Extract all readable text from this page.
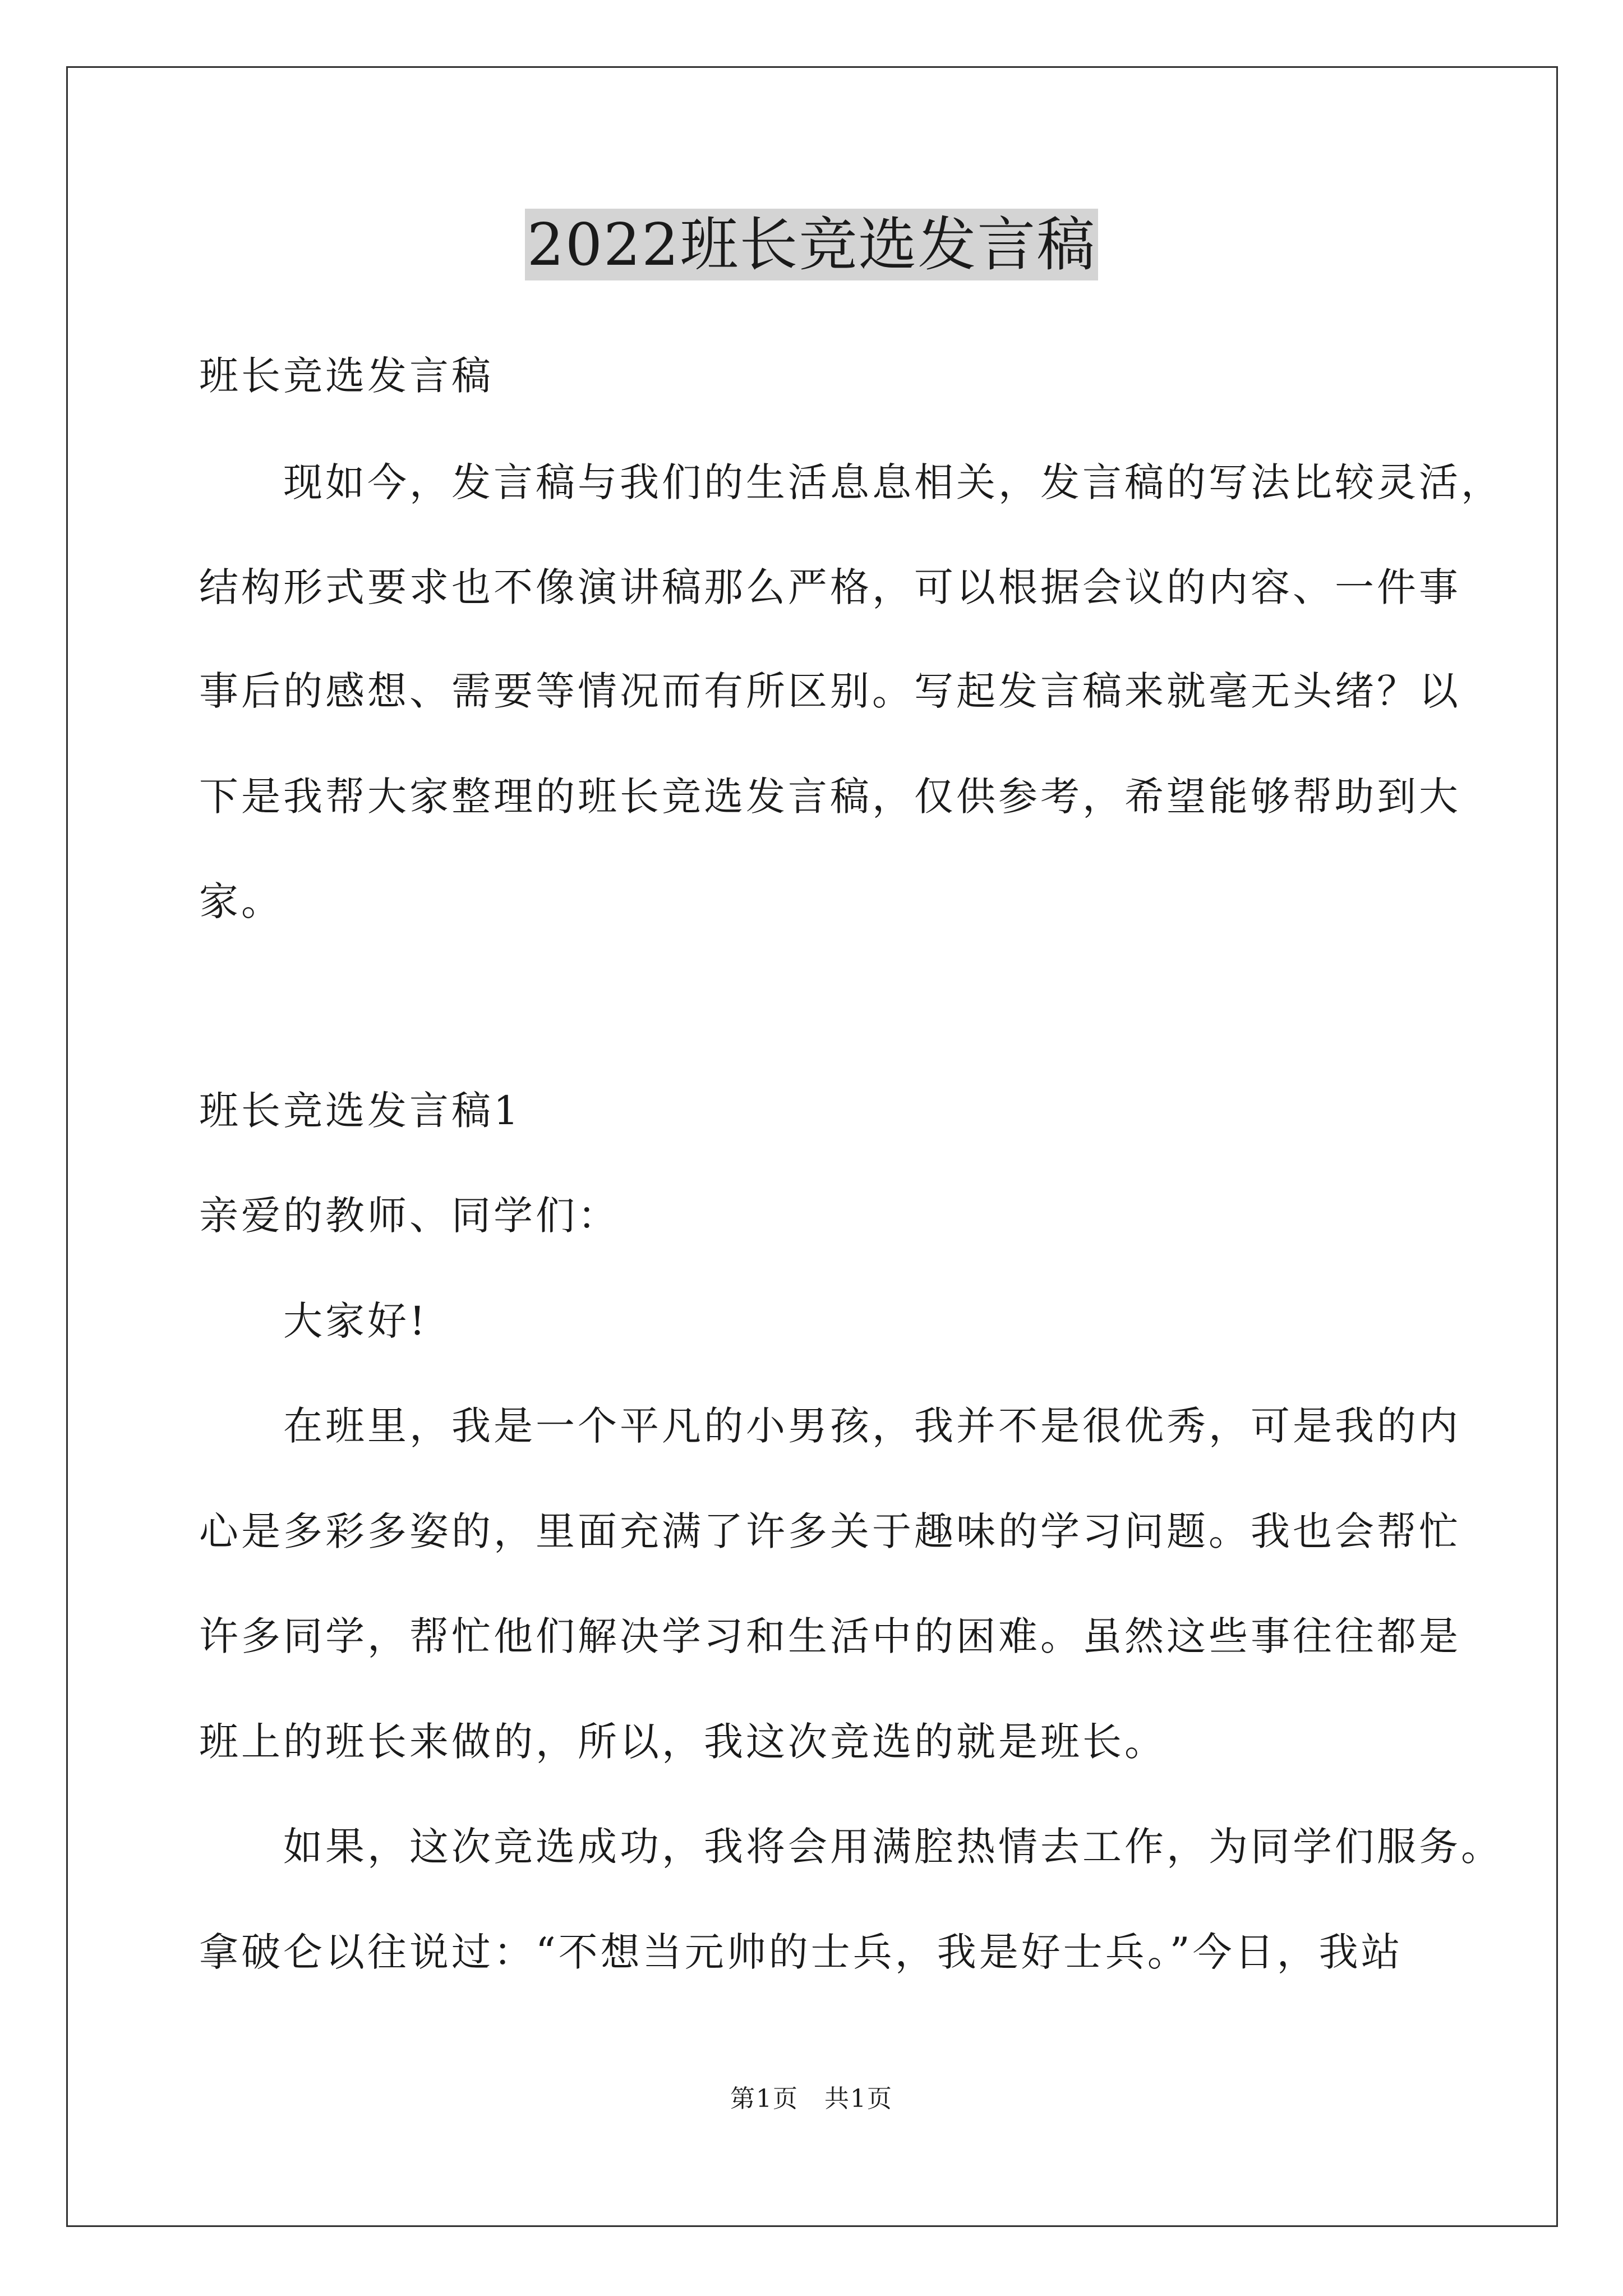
2022班长竞选发言稿
班长竞选发言稿
现如今，发言稿与我们的生活息息相关，发言稿的写法比较灵活，
结构形式要求也不像演讲稿那么严格，可以根据会议的内容、一件事
事后的感想、需要等情况而有所区别。写起发言稿来就毫无头绪？以
下是我帮大家整理的班长竞选发言稿，仅供参考，希望能够帮助到大
家。
班长竞选发言稿1
亲爱的教师、同学们：
大家好!
在班里，我是一个平凡的小男孩，我并不是很优秀，可是我的内
心是多彩多姿的，里面充满了许多关于趣味的学习问题。我也会帮忙
许多同学，帮忙他们解决学习和生活中的困难。虽然这些事往往都是
班上的班长来做的，所以，我这次竞选的就是班长。
如果，这次竞选成功，我将会用满腔热情去工作，为同学们服务。
拿破仑以往说过：“不想当元帅的士兵，我是好士兵。”今日，我站
第1页　共1页
